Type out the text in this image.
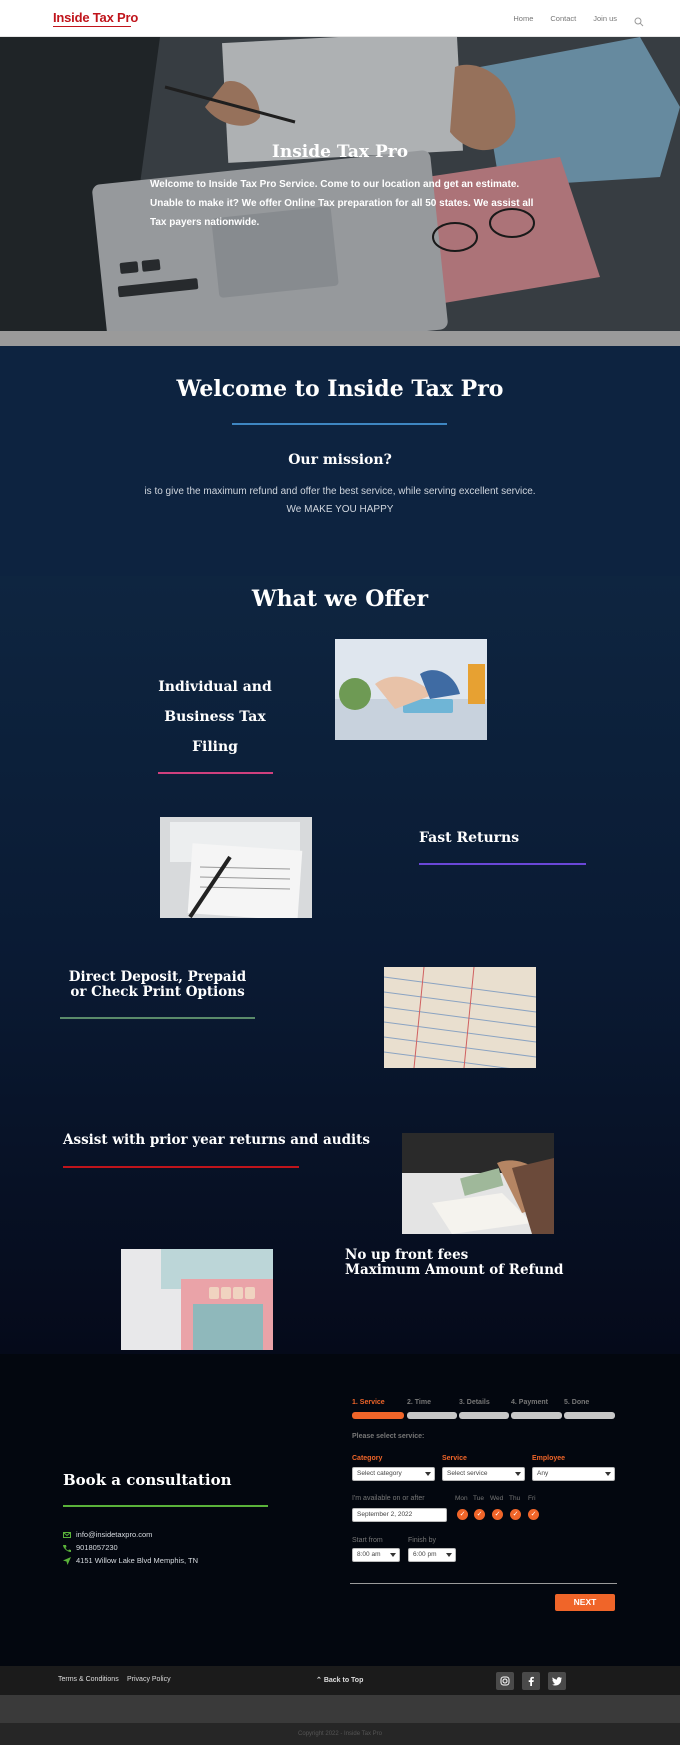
Inside Tax Pro	Home Contact Join us
Inside Tax Pro
Welcome to Inside Tax Pro Service. Come to our location and get an estimate. Unable to make it? We offer Online Tax preparation for all 50 states. We assist all Tax payers nationwide.
Welcome to Inside Tax Pro
Our mission?
is to give the maximum refund and offer the best service, while serving excellent service.
We MAKE YOU HAPPY
What we Offer
Individual and Business Tax Filing
Fast Returns
Direct Deposit, Prepaid or Check Print Options
Assist with prior year returns and audits
No up front fees
Maximum Amount of Refund
Book a consultation
info@insidetaxpro.com
9018057230
4151 Willow Lake Blvd Memphis, TN
1. Service	2. Time	3. Details	4. Payment 5. Done
Please select service:
Category	Service	Employee
Select category	Select service	Any
I'm available on or after
September 2, 2022
Mon Tue Wed Thu Fri
✓	✓	✓	✓	✓
Start from	Finish by
8:00 am	6:00 pm
NEXT
Terms & Conditions Privacy Policy	⌃ Back to Top
Copyright 2022 - Inside Tax Pro
